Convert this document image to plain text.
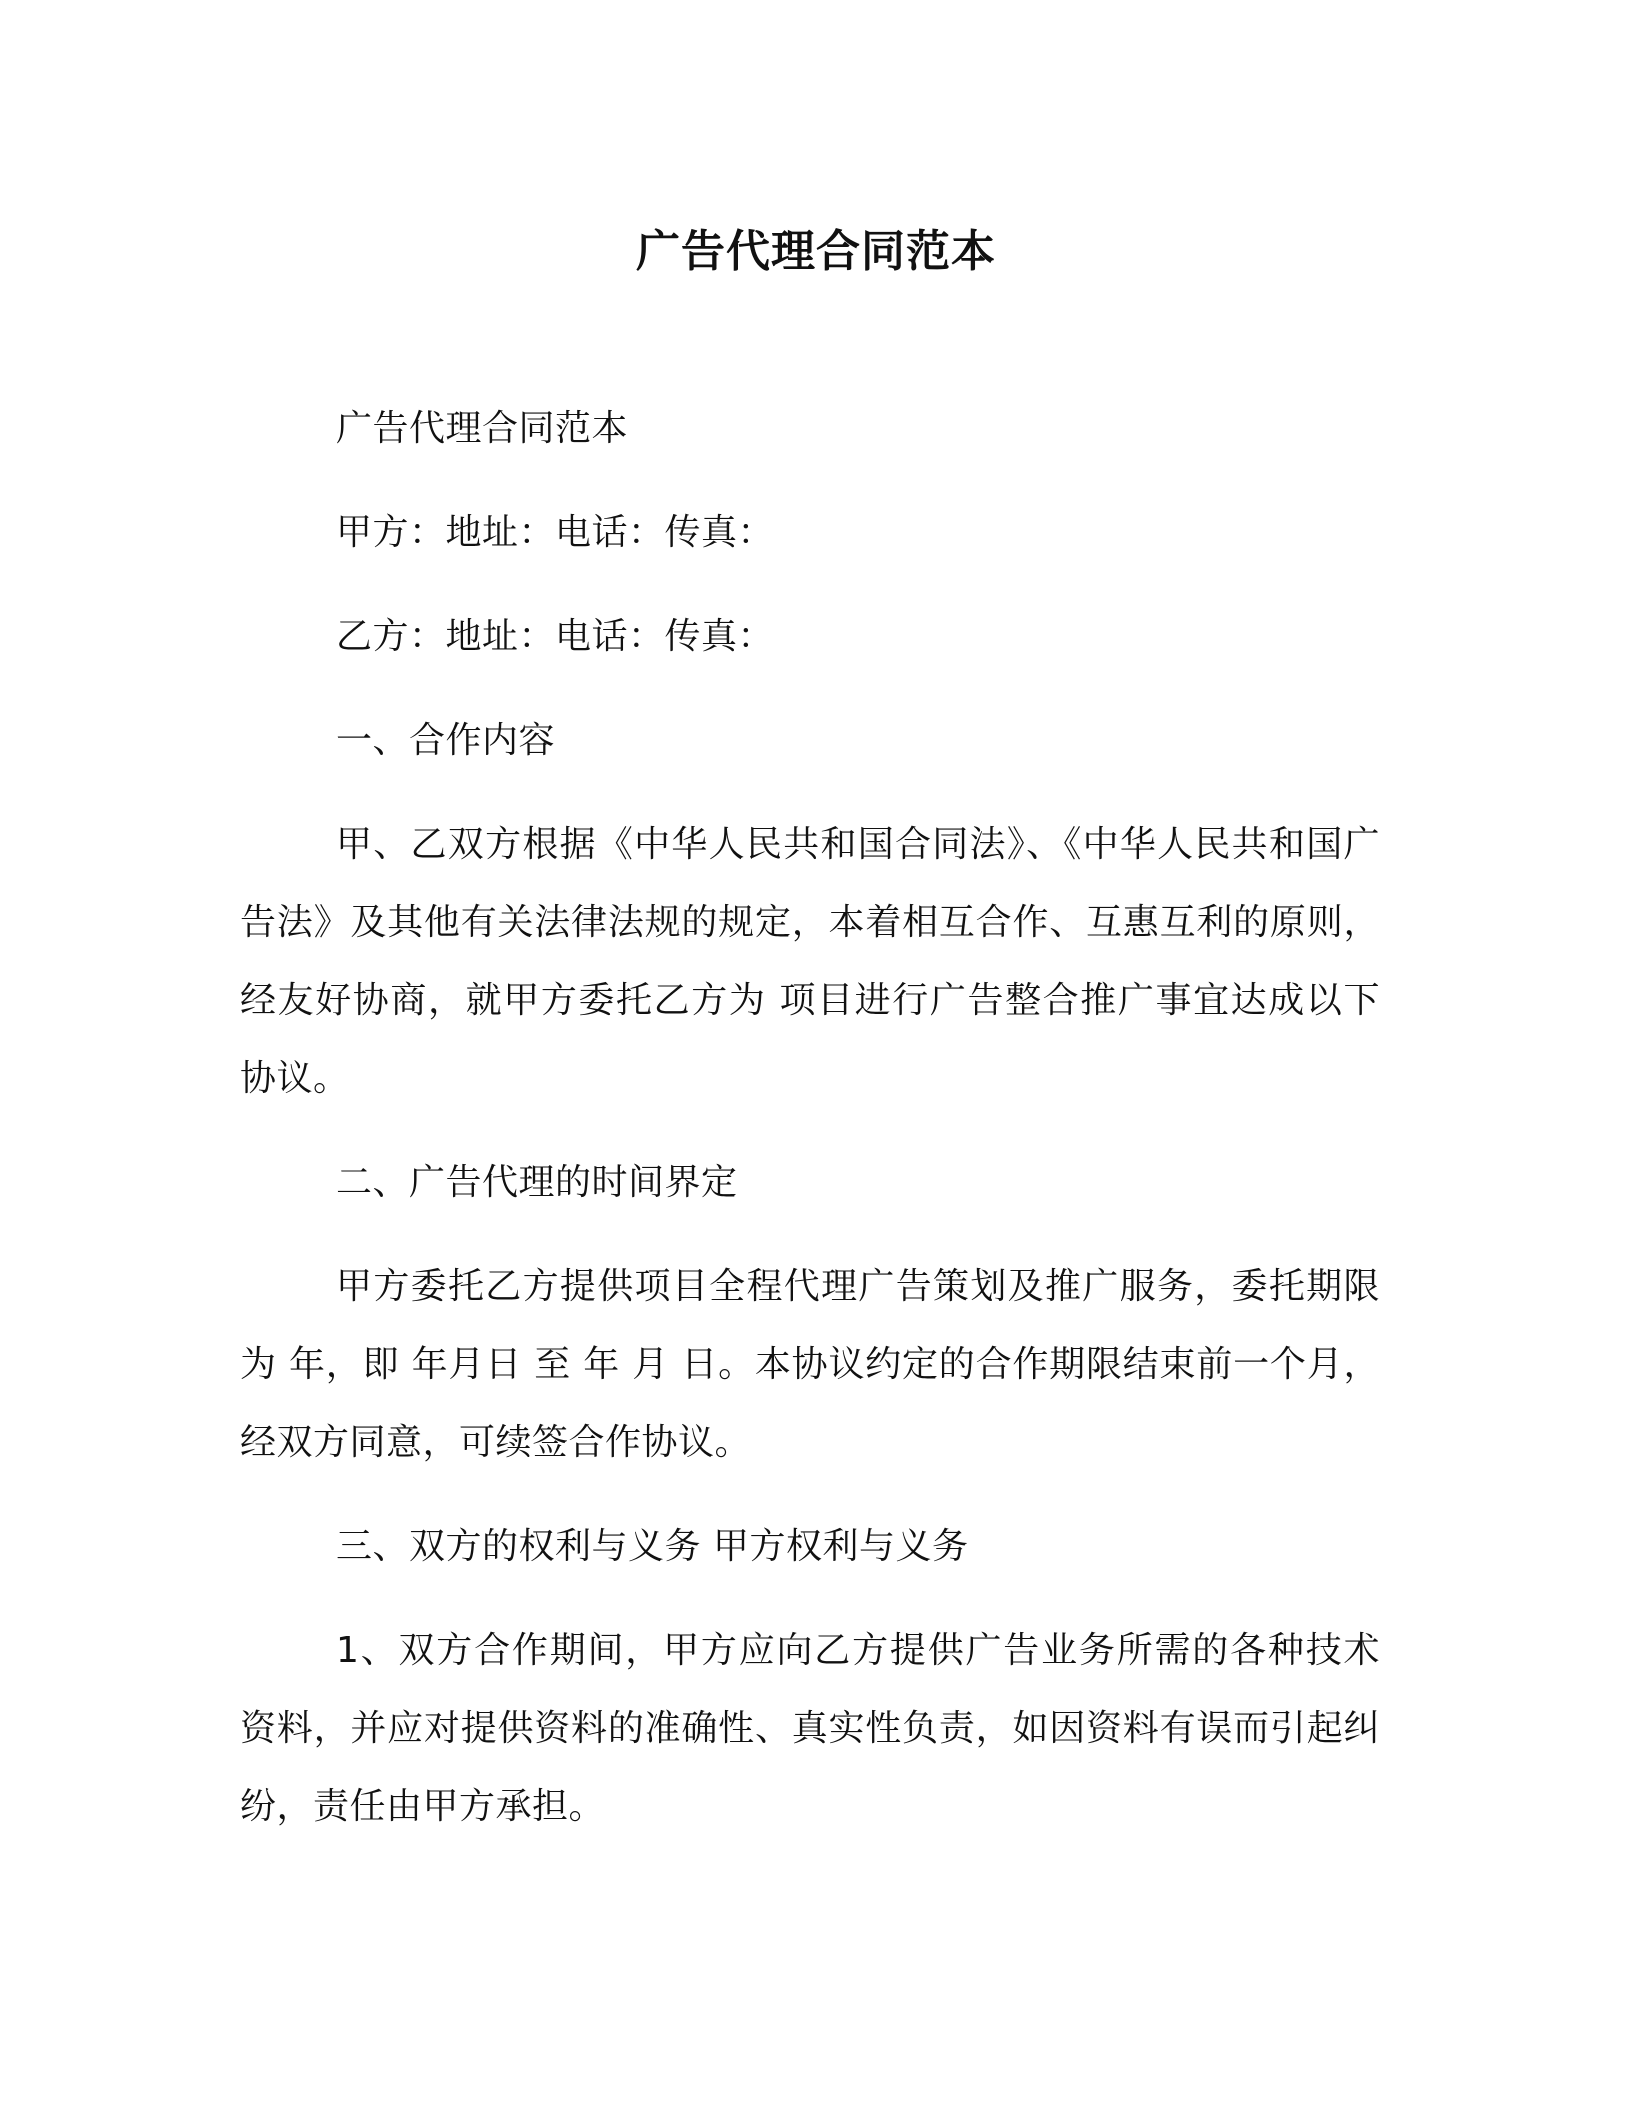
广告代理合同范本

广告代理合同范本

甲方：地址：电话：传真：

乙方：地址：电话：传真：

一、合作内容

甲、乙双方根据《中华人民共和国合同法》、《中华人民共和国广告法》及其他有关法律法规的规定，本着相互合作、互惠互利的原则，经友好协商，就甲方委托乙方为 项目进行广告整合推广事宜达成以下协议。

二、广告代理的时间界定

甲方委托乙方提供项目全程代理广告策划及推广服务，委托期限为 年，即 年月日 至 年 月 日。本协议约定的合作期限结束前一个月，经双方同意，可续签合作协议。

三、双方的权利与义务 甲方权利与义务

1、双方合作期间，甲方应向乙方提供广告业务所需的各种技术资料，并应对提供资料的准确性、真实性负责，如因资料有误而引起纠纷，责任由甲方承担。
